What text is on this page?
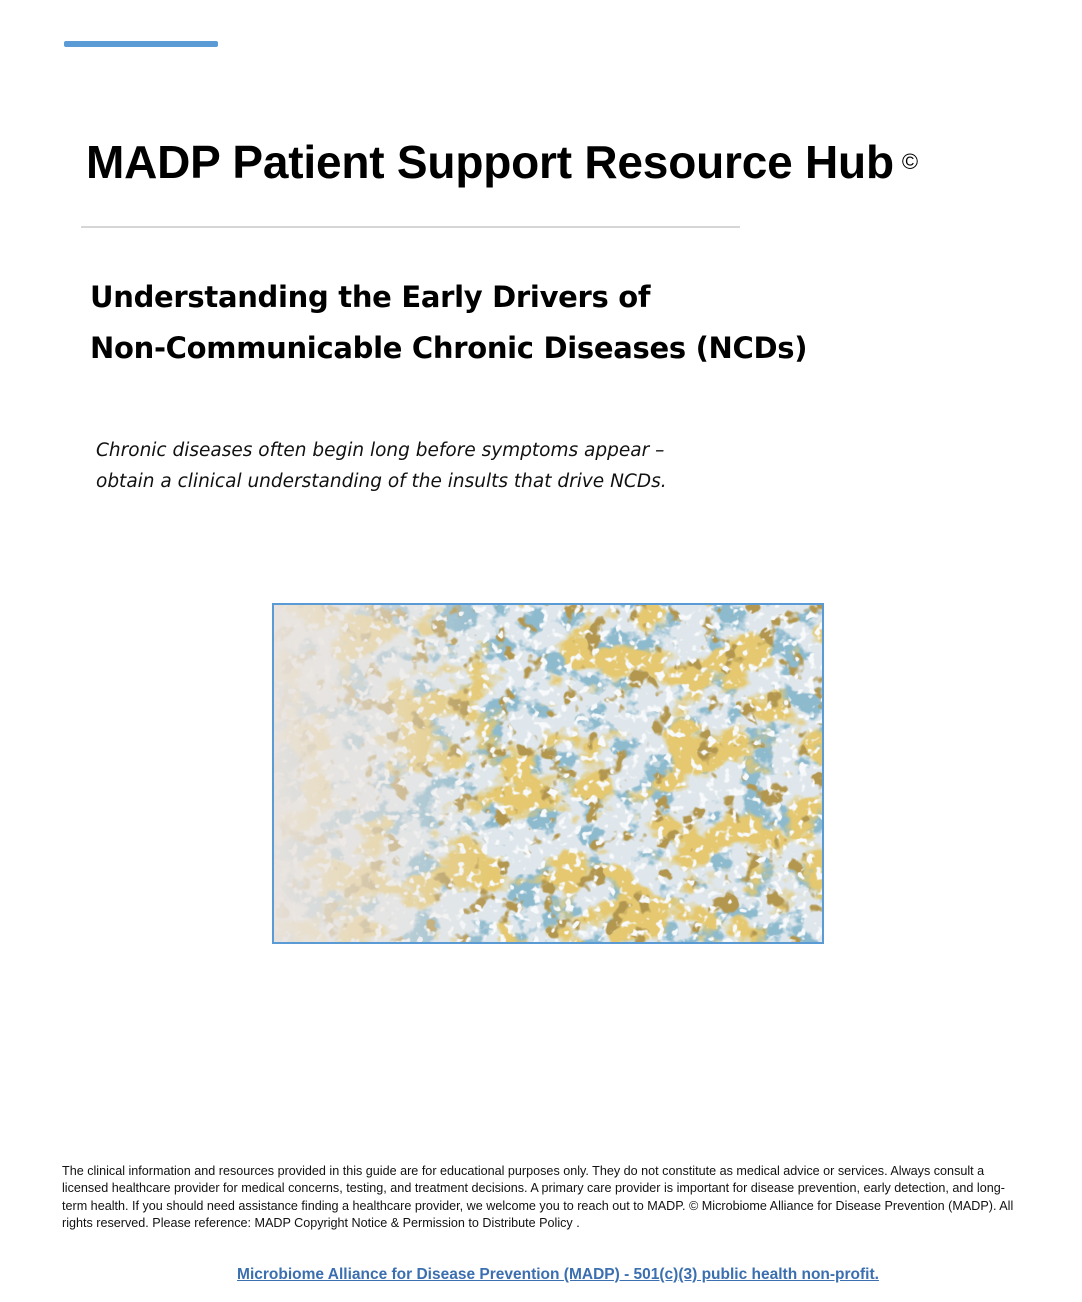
MADP Patient Support Resource Hub ©
Understanding the Early Drivers of
Non-Communicable Chronic Diseases (NCDs)

Chronic diseases often begin long before symptoms appear –
obtain a clinical understanding of the insults that drive NCDs.

The clinical information and resources provided in this guide are for educational purposes only. They do not constitute as medical advice or services. Always consult a licensed healthcare provider for medical concerns, testing, and treatment decisions. A primary care provider is important for disease prevention, early detection, and long-term health. If you should need assistance finding a healthcare provider, we welcome you to reach out to MADP. © Microbiome Alliance for Disease Prevention (MADP). All rights reserved. Please reference: MADP Copyright Notice & Permission to Distribute Policy .

Microbiome Alliance for Disease Prevention (MADP) - 501(c)(3) public health non-profit.
